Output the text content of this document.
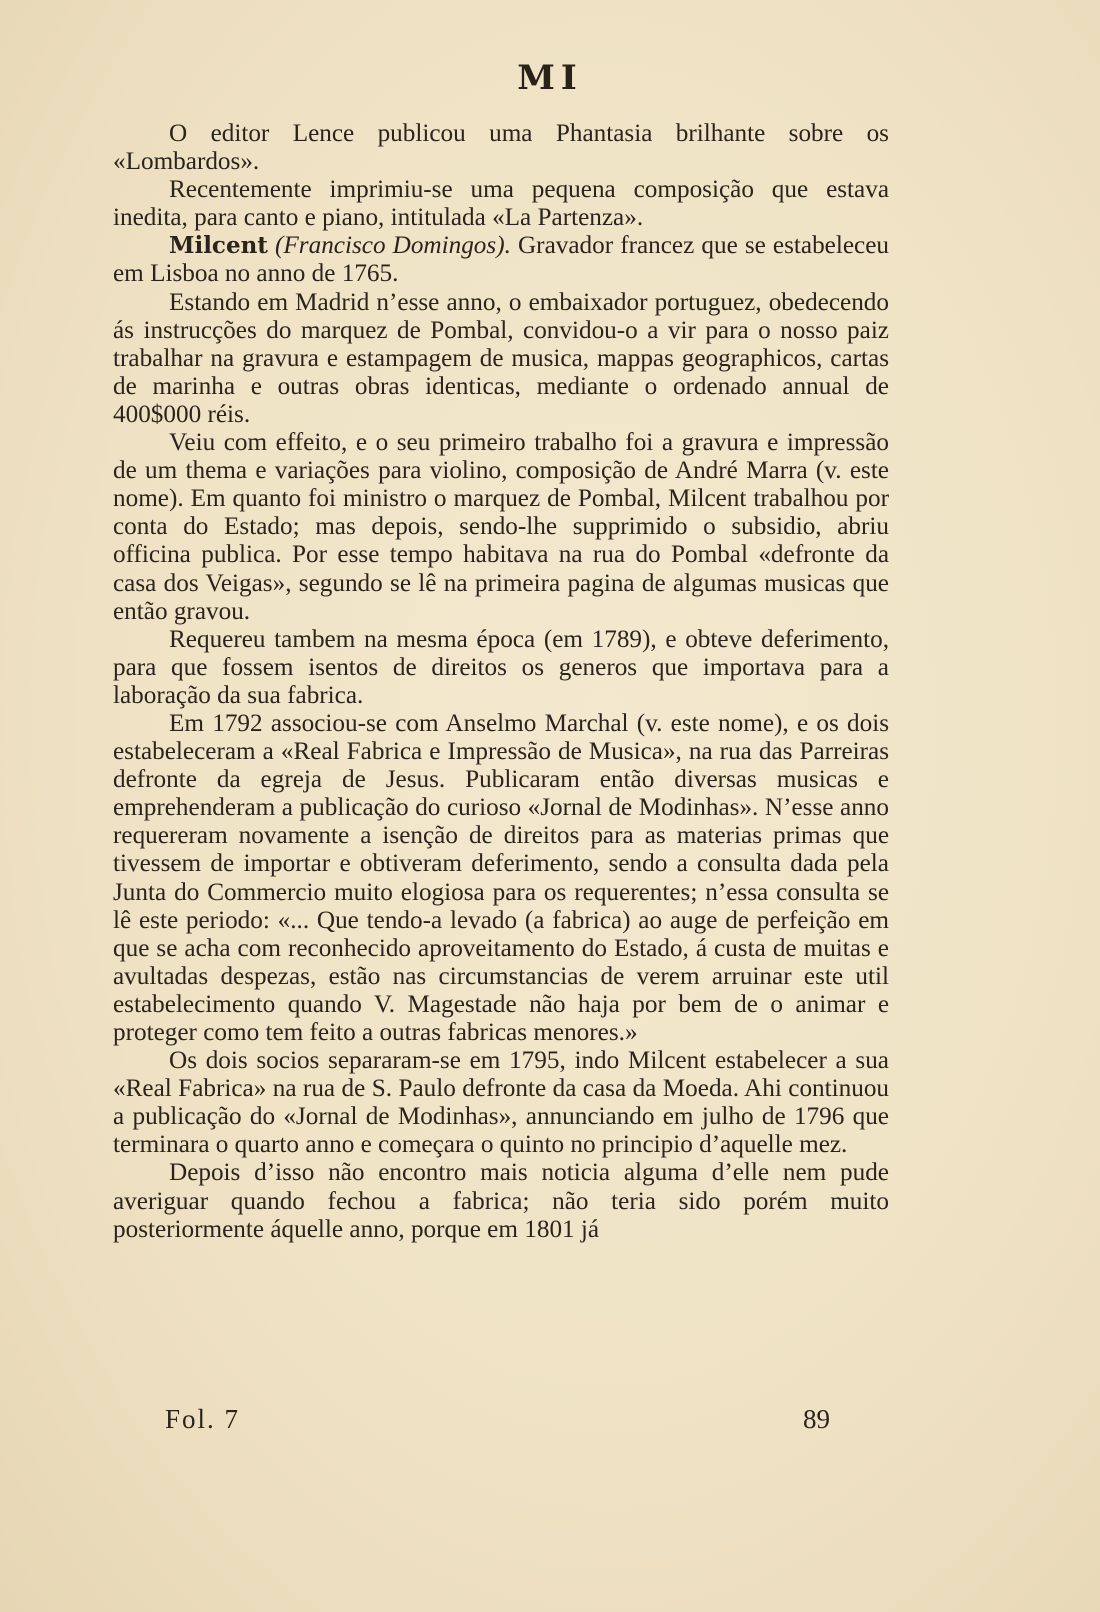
MI

O editor Lence publicou uma Phantasia brilhante sobre os «Lombardos».

Recentemente imprimiu-se uma pequena composição que estava inedita, para canto e piano, intitulada «La Partenza».

Milcent (Francisco Domingos). Gravador francez que se estabeleceu em Lisboa no anno de 1765.

Estando em Madrid n’esse anno, o embaixador portuguez, obedecendo ás instrucções do marquez de Pombal, convidou-o a vir para o nosso paiz trabalhar na gravura e estampagem de musica, mappas geographicos, cartas de marinha e outras obras identicas, mediante o ordenado annual de 400$000 réis.

Veiu com effeito, e o seu primeiro trabalho foi a gravura e impressão de um thema e variações para violino, composição de André Marra (v. este nome). Em quanto foi ministro o marquez de Pombal, Milcent trabalhou por conta do Estado; mas depois, sendo-lhe supprimido o subsidio, abriu officina publica. Por esse tempo habitava na rua do Pombal «defronte da casa dos Veigas», segundo se lê na primeira pagina de algumas musicas que então gravou.

Requereu tambem na mesma época (em 1789), e obteve deferimento, para que fossem isentos de direitos os generos que importava para a laboração da sua fabrica.

Em 1792 associou-se com Anselmo Marchal (v. este nome), e os dois estabeleceram a «Real Fabrica e Impressão de Musica», na rua das Parreiras defronte da egreja de Jesus. Publicaram então diversas musicas e emprehenderam a publicação do curioso «Jornal de Modinhas». N’esse anno requereram novamente a isenção de direitos para as materias primas que tivessem de importar e obtiveram deferimento, sendo a consulta dada pela Junta do Commercio muito elogiosa para os requerentes; n’essa consulta se lê este periodo: «... Que tendo-a levado (a fabrica) ao auge de perfeição em que se acha com reconhecido aproveitamento do Estado, á custa de muitas e avultadas despezas, estão nas circumstancias de verem arruinar este util estabelecimento quando V. Magestade não haja por bem de o animar e proteger como tem feito a outras fabricas menores.»

Os dois socios separaram-se em 1795, indo Milcent estabelecer a sua «Real Fabrica» na rua de S. Paulo defronte da casa da Moeda. Ahi continuou a publicação do «Jornal de Modinhas», annunciando em julho de 1796 que terminara o quarto anno e começara o quinto no principio d’aquelle mez.

Depois d’isso não encontro mais noticia alguma d’elle nem pude averiguar quando fechou a fabrica; não teria sido porém muito posteriormente áquelle anno, porque em 1801 já

Fol. 7	89
